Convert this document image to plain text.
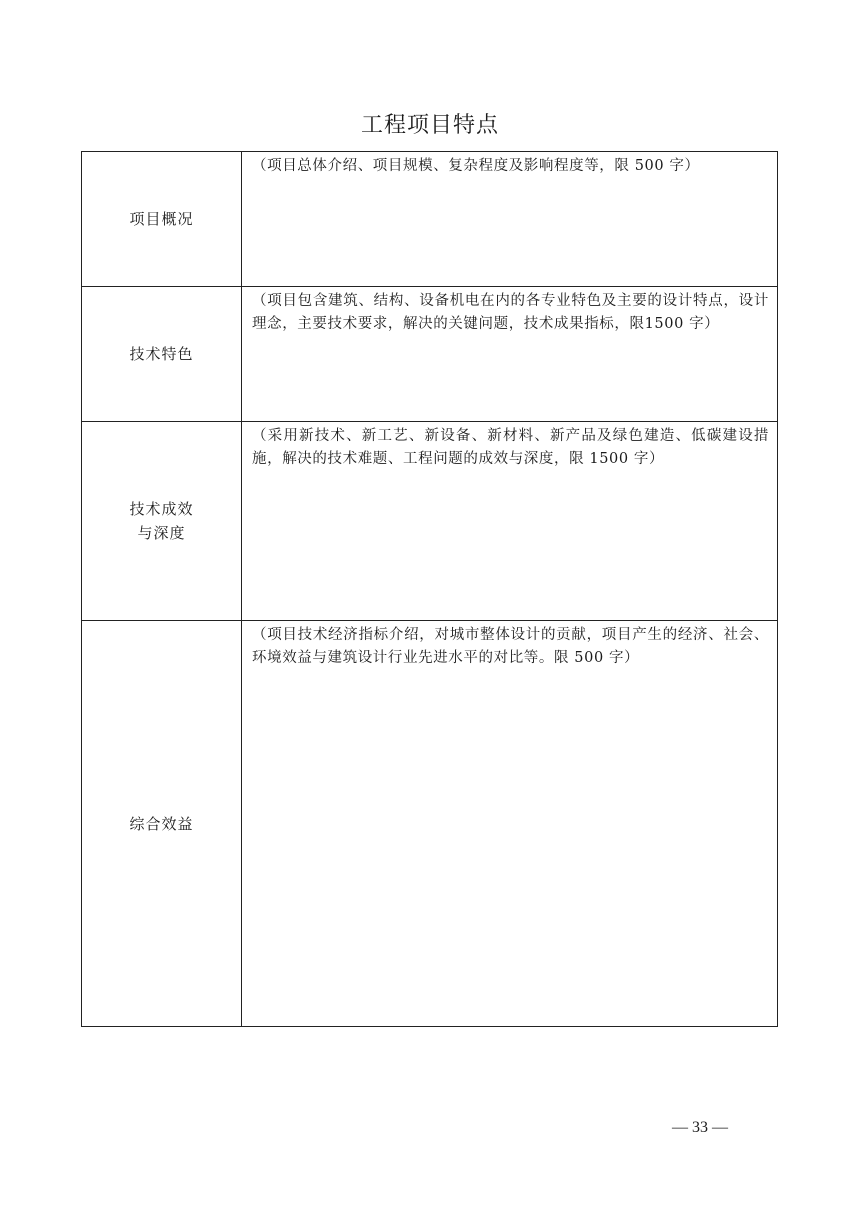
工程项目特点
项目概况	（项目总体介绍、项目规模、复杂程度及影响程度等，限 500 字）

技术特色	（项目包含建筑、结构、设备机电在内的各专业特色及主要的设计特点，设计理念，主要技术要求，解决的关键问题，技术成果指标，限1500 字）

技术成效
与深度	（采用新技术、新工艺、新设备、新材料、新产品及绿色建造、低碳建设措施，解决的技术难题、工程问题的成效与深度，限 1500 字）

综合效益	（项目技术经济指标介绍，对城市整体设计的贡献，项目产生的经济、社会、环境效益与建筑设计行业先进水平的对比等。限 500 字）
— 33 —
